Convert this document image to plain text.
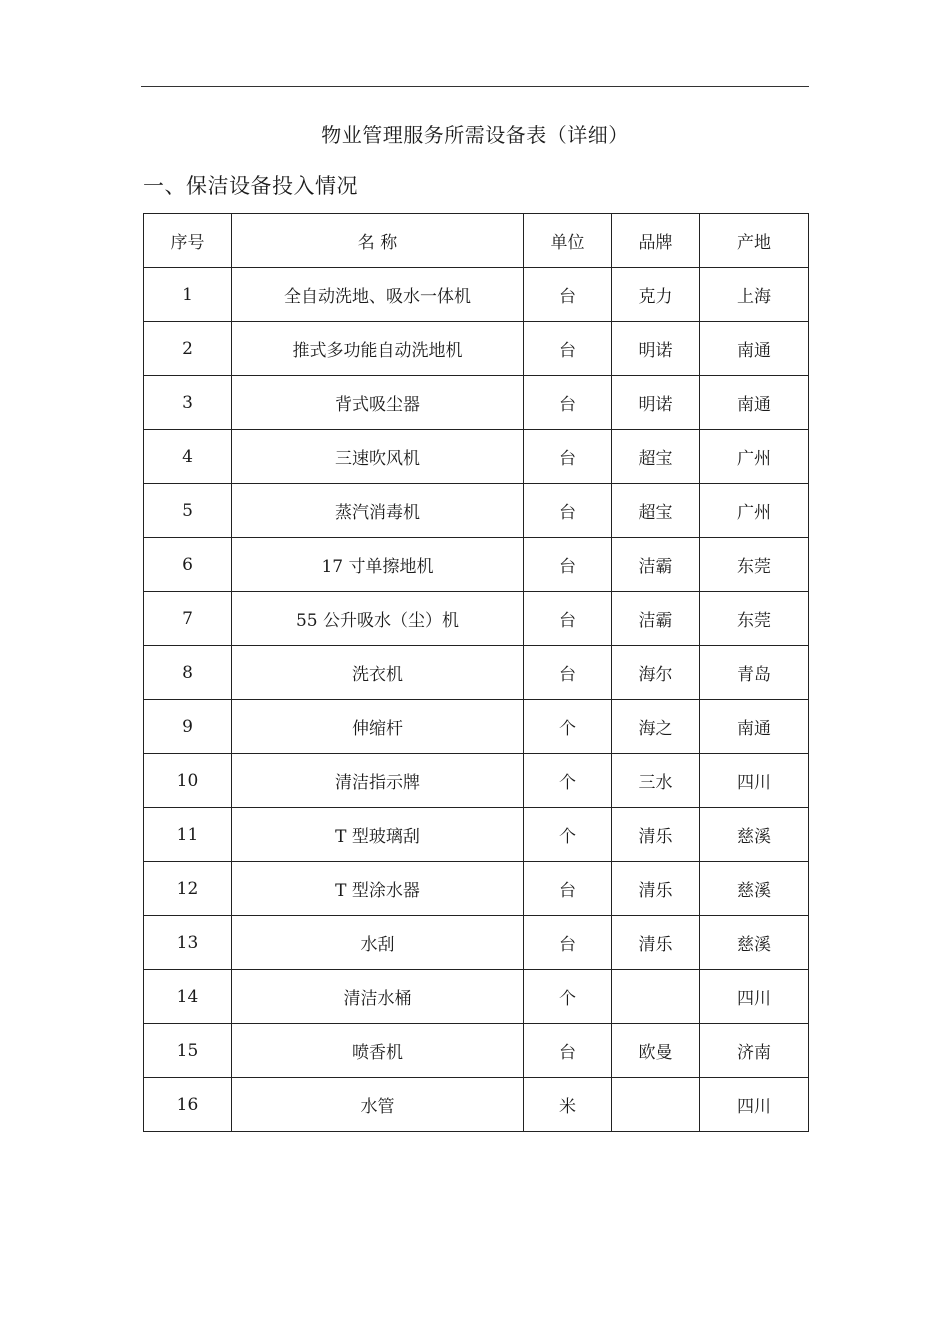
物业管理服务所需设备表（详细）
一、保洁设备投入情况
序号	名 称	单位	品牌	产地
1	全自动洗地、吸水一体机	台	克力	上海
2	推式多功能自动洗地机	台	明诺	南通
3	背式吸尘器	台	明诺	南通
4	三速吹风机	台	超宝	广州
5	蒸汽消毒机	台	超宝	广州
6	17 寸单擦地机	台	洁霸	东莞
7	55 公升吸水（尘）机	台	洁霸	东莞
8	洗衣机	台	海尔	青岛
9	伸缩杆	个	海之	南通
10	清洁指示牌	个	三水	四川
11	T 型玻璃刮	个	清乐	慈溪
12	T 型涂水器	台	清乐	慈溪
13	水刮	台	清乐	慈溪
14	清洁水桶	个		四川
15	喷香机	台	欧曼	济南
16	水管	米		四川
